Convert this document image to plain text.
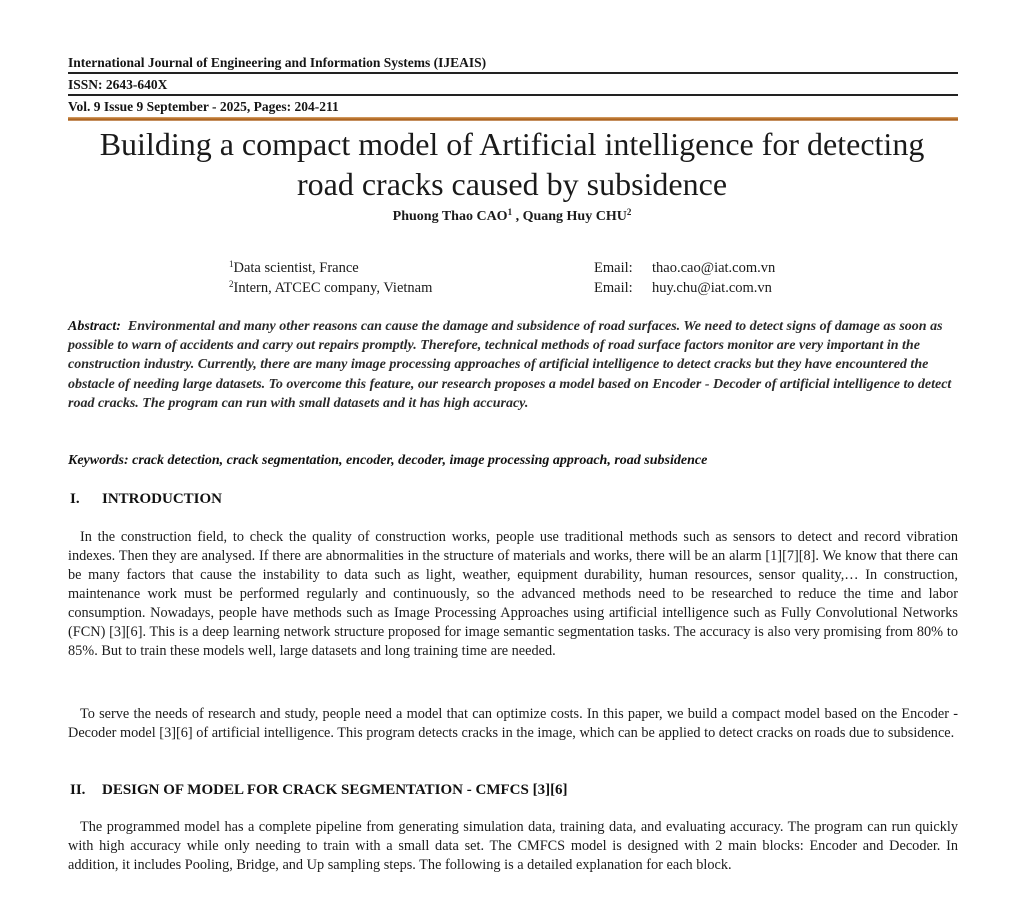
International Journal of Engineering and Information Systems (IJEAIS)
ISSN: 2643-640X
Vol. 9 Issue 9 September - 2025, Pages: 204-211
Building a compact model of Artificial intelligence for detecting
road cracks caused by subsidence
Phuong Thao CAO$^1$ , Quang Huy CHU$^2$
$^1$Data scientist, France
$^2$Intern, ATCEC company, Vietnam
Email: thao.cao@iat.com.vn
Email: huy.chu@iat.com.vn
Abstract: Environmental and many other reasons can cause the damage and subsidence of road surfaces. We need to detect signs of damage as soon as possible to warn of accidents and carry out repairs promptly. Therefore, technical methods of road surface factors monitor are very important in the construction industry. Currently, there are many image processing approaches of artificial intelligence to detect cracks but they have encountered the obstacle of needing large datasets. To overcome this feature, our research proposes a model based on Encoder - Decoder of artificial intelligence to detect road cracks. The program can run with small datasets and it has high accuracy.
Keywords: crack detection, crack segmentation, encoder, decoder, image processing approach, road subsidence
I. INTRODUCTION
In the construction field, to check the quality of construction works, people use traditional methods such as sensors to detect and record vibration indexes. Then they are analysed. If there are abnormalities in the structure of materials and works, there will be an alarm [1][7][8]. We know that there can be many factors that cause the instability to data such as light, weather, equipment durability, human resources, sensor quality,… In construction, maintenance work must be performed regularly and continuously, so the advanced methods need to be researched to reduce the time and labor consumption. Nowadays, people have methods such as Image Processing Approaches using artificial intelligence such as Fully Convolutional Networks (FCN) [3][6]. This is a deep learning network structure proposed for image semantic segmentation tasks. The accuracy is also very promising from 80% to 85%. But to train these models well, large datasets and long training time are needed.
To serve the needs of research and study, people need a model that can optimize costs. In this paper, we build a compact model based on the Encoder - Decoder model [3][6] of artificial intelligence. This program detects cracks in the image, which can be applied to detect cracks on roads due to subsidence.
II. DESIGN OF MODEL FOR CRACK SEGMENTATION - CMFCS [3][6]
The programmed model has a complete pipeline from generating simulation data, training data, and evaluating accuracy. The program can run quickly with high accuracy while only needing to train with a small data set. The CMFCS model is designed with 2 main blocks: Encoder and Decoder. In addition, it includes Pooling, Bridge, and Up sampling steps. The following is a detailed explanation for each block.
